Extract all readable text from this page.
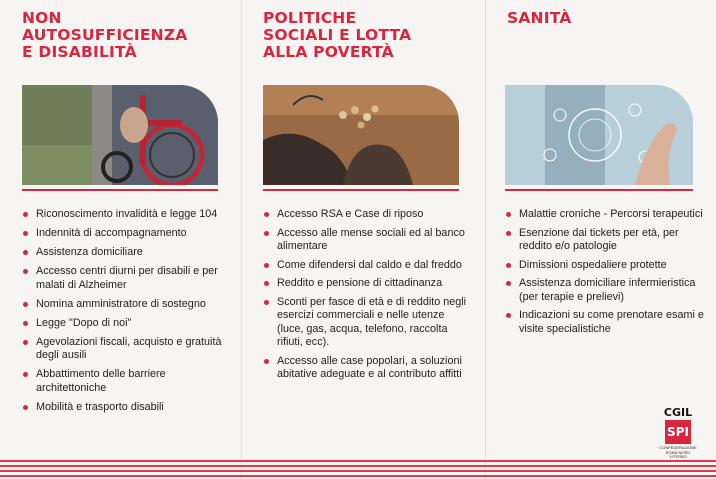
NON
AUTOSUFFICIENZA
E DISABILITÀ
Riconoscimento invalidità e legge 104
Indennità di accompagnamento
Assistenza domiciliare
Accesso centri diurni per disabili e per malati di Alzheimer
Nomina amministratore di sostegno
Legge "Dopo di noi"
Agevolazioni fiscali, acquisto e gratuità degli ausili
Abbattimento delle barriere architettoniche
Mobilità e trasporto disabili
POLITICHE
SOCIALI E LOTTA
ALLA POVERTÀ
Accesso RSA e Case di riposo
Accesso alle mense sociali ed al banco alimentare
Come difendersi dal caldo e dal freddo
Reddito e pensione di cittadinanza
Sconti per fasce di età e di reddito negli esercizi commerciali e nelle utenze (luce, gas, acqua, telefono, raccolta rifiuti, ecc).
Accesso alle case popolari, a soluzioni abitative adeguate e al contributo affitti
SANITÀ
Malattie croniche - Percorsi terapeutici
Esenzione dai tickets per età, per reddito e/o patologie
Dimissioni ospedaliere protette
Assistenza domiciliare infermieristica (per terapie e prelievi)
Indicazioni su come prenotare esami e visite specialistiche
CGIL
SPI
CONFEDERAZIONE
ROMA NORD
VITERBO
